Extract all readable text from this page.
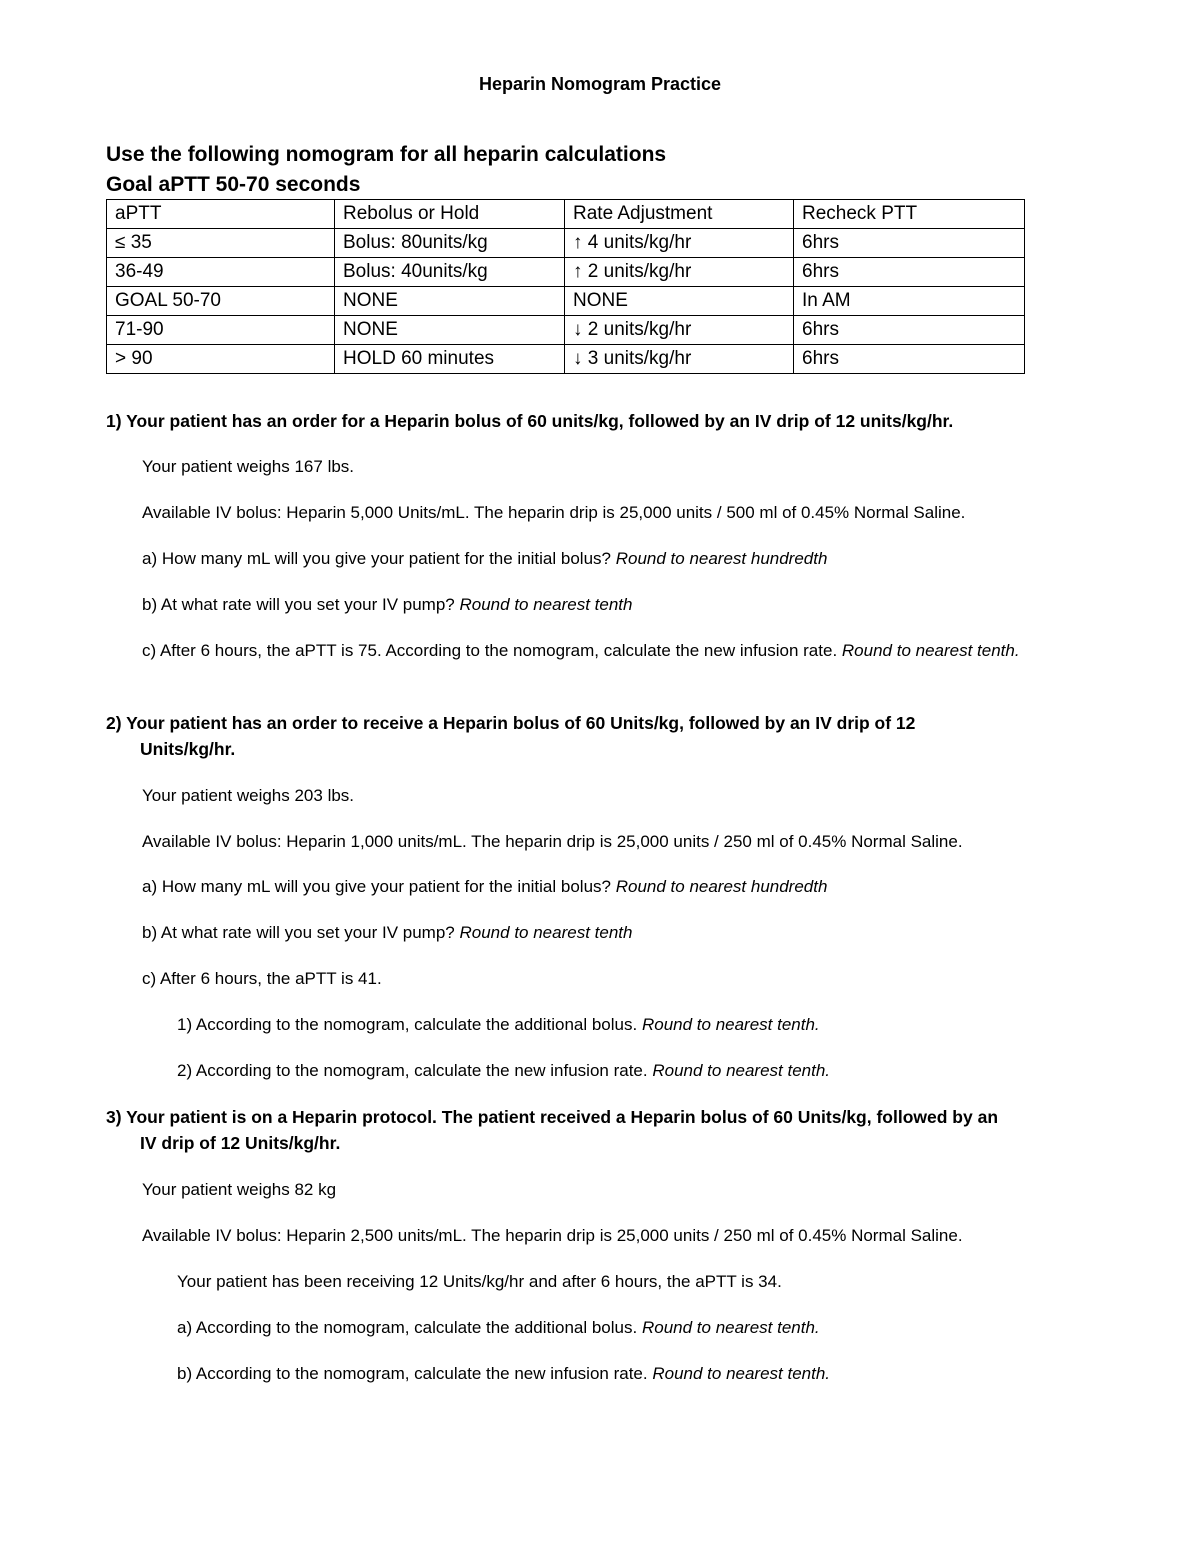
Heparin Nomogram Practice
Use the following nomogram for all heparin calculations
Goal aPTT 50-70 seconds
aPTT	Rebolus or Hold	Rate Adjustment	Recheck PTT
≤ 35	Bolus: 80units/kg	↑ 4 units/kg/hr	6hrs
36-49	Bolus: 40units/kg	↑ 2 units/kg/hr	6hrs
GOAL 50-70	NONE	NONE	In AM
71-90	NONE	↓ 2 units/kg/hr	6hrs
> 90	HOLD 60 minutes	↓ 3 units/kg/hr	6hrs
1) Your patient has an order for a Heparin bolus of 60 units/kg, followed by an IV drip of 12 units/kg/hr.
Your patient weighs 167 lbs.
Available IV bolus: Heparin 5,000 Units/mL. The heparin drip is 25,000 units / 500 ml of 0.45% Normal Saline.
a) How many mL will you give your patient for the initial bolus? Round to nearest hundredth
b) At what rate will you set your IV pump? Round to nearest tenth
c) After 6 hours, the aPTT is 75. According to the nomogram, calculate the new infusion rate. Round to nearest tenth.
2) Your patient has an order to receive a Heparin bolus of 60 Units/kg, followed by an IV drip of 12
Units/kg/hr.
Your patient weighs 203 lbs.
Available IV bolus: Heparin 1,000 units/mL. The heparin drip is 25,000 units / 250 ml of 0.45% Normal Saline.
a) How many mL will you give your patient for the initial bolus? Round to nearest hundredth
b) At what rate will you set your IV pump? Round to nearest tenth
c) After 6 hours, the aPTT is 41.
1) According to the nomogram, calculate the additional bolus. Round to nearest tenth.
2) According to the nomogram, calculate the new infusion rate. Round to nearest tenth.
3) Your patient is on a Heparin protocol. The patient received a Heparin bolus of 60 Units/kg, followed by an
IV drip of 12 Units/kg/hr.
Your patient weighs 82 kg
Available IV bolus: Heparin 2,500 units/mL. The heparin drip is 25,000 units / 250 ml of 0.45% Normal Saline.
Your patient has been receiving 12 Units/kg/hr and after 6 hours, the aPTT is 34.
a) According to the nomogram, calculate the additional bolus. Round to nearest tenth.
b) According to the nomogram, calculate the new infusion rate. Round to nearest tenth.
